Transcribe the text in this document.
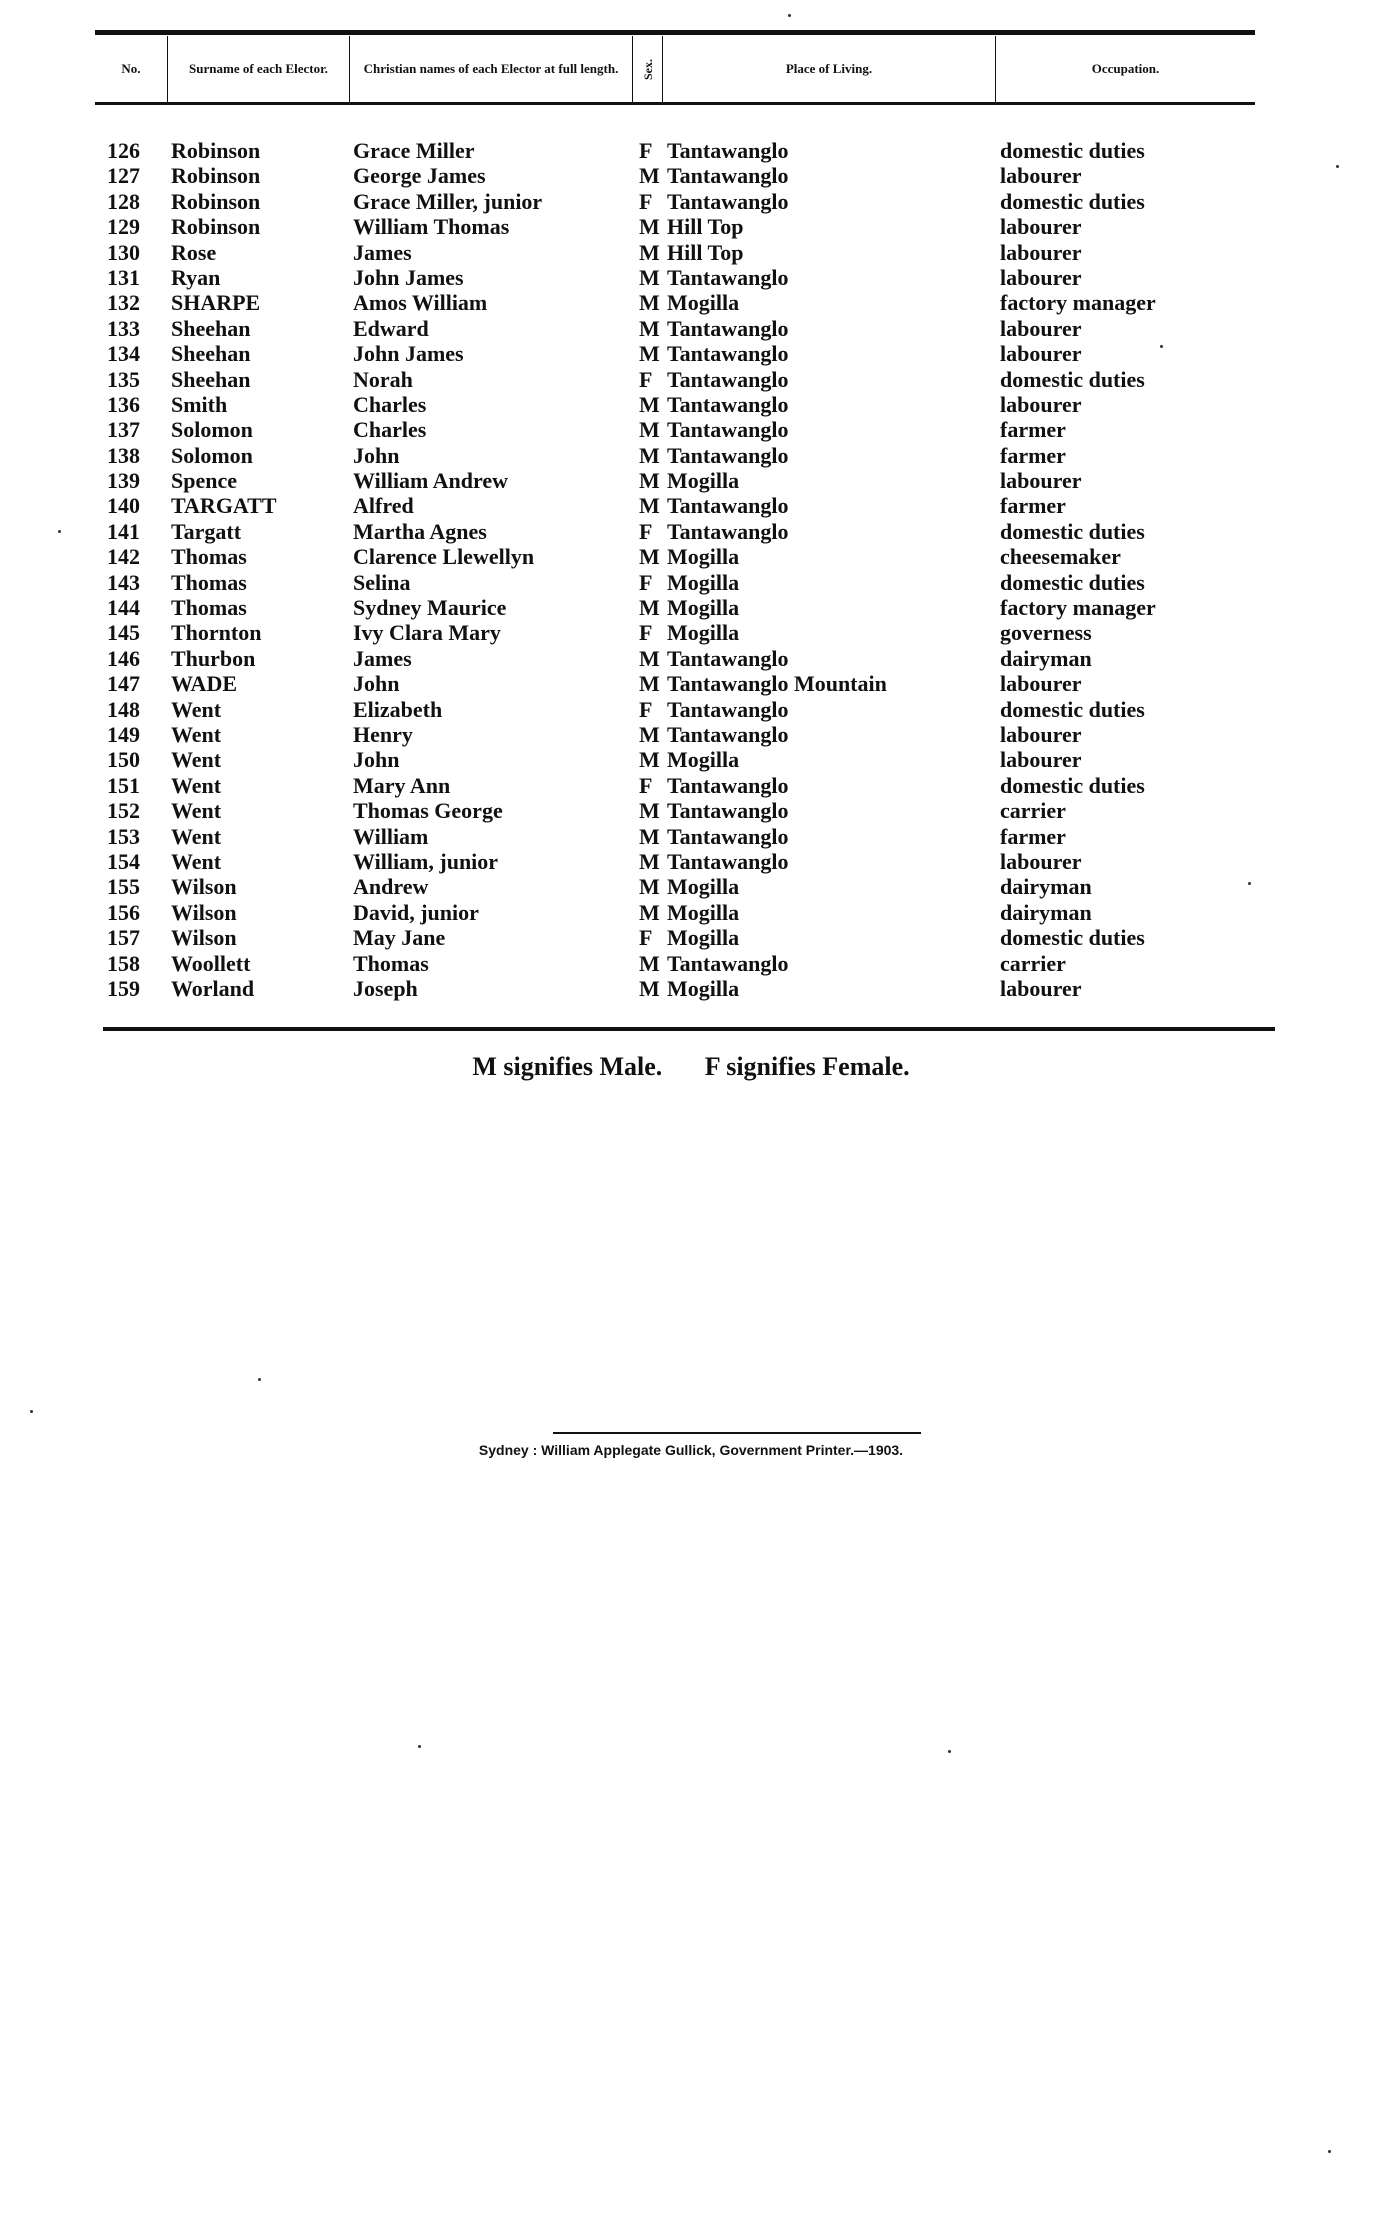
No.	Surname of each Elector.	Christian names of each Elector at full length.	Sex.	Place of Living.	Occupation.
126 Robinson	Grace Miller	F Tantawanglo	domestic duties
127 Robinson	George James	M Tantawanglo	labourer
128 Robinson	Grace Miller, junior	F Tantawanglo	domestic duties
129 Robinson	William Thomas	M Hill Top	labourer
130 Rose	James	M Hill Top	labourer
131 Ryan	John James	M Tantawanglo	labourer
132 SHARPE	Amos William	M Mogilla	factory manager
133 Sheehan	Edward	M Tantawanglo	labourer
134 Sheehan	John James	M Tantawanglo	labourer
135 Sheehan	Norah	F Tantawanglo	domestic duties
136 Smith	Charles	M Tantawanglo	labourer
137 Solomon	Charles	M Tantawanglo	farmer
138 Solomon	John	M Tantawanglo	farmer
139 Spence	William Andrew	M Mogilla	labourer
140 TARGATT	Alfred	M Tantawanglo	farmer
141 Targatt	Martha Agnes	F Tantawanglo	domestic duties
142 Thomas	Clarence Llewellyn	M Mogilla	cheesemaker
143 Thomas	Selina	F Mogilla	domestic duties
144 Thomas	Sydney Maurice	M Mogilla	factory manager
145 Thornton	Ivy Clara Mary	F Mogilla	governess
146 Thurbon	James	M Tantawanglo	dairyman
147 WADE	John	M Tantawanglo Mountain	labourer
148 Went	Elizabeth	F Tantawanglo	domestic duties
149 Went	Henry	M Tantawanglo	labourer
150 Went	John	M Mogilla	labourer
151 Went	Mary Ann	F Tantawanglo	domestic duties
152 Went	Thomas George	M Tantawanglo	carrier
153 Went	William	M Tantawanglo	farmer
154 Went	William, junior	M Tantawanglo	labourer
155 Wilson	Andrew	M Mogilla	dairyman
156 Wilson	David, junior	M Mogilla	dairyman
157 Wilson	May Jane	F Mogilla	domestic duties
158 Woollett	Thomas	M Tantawanglo	carrier
159 Worland	Joseph	M Mogilla	labourer
M signifies Male. F signifies Female.
Sydney : William Applegate Gullick, Government Printer.—1903.
